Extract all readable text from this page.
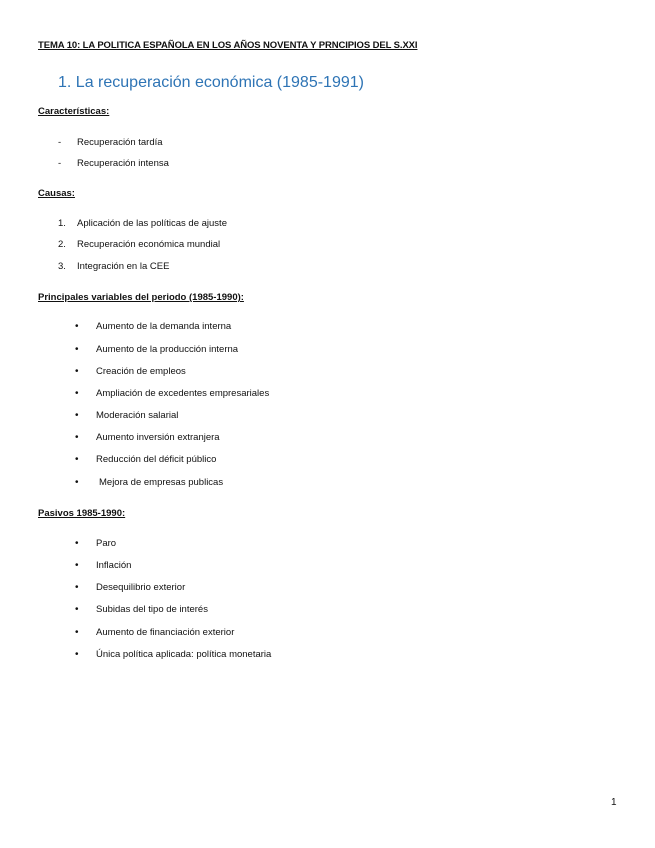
TEMA 10: LA POLITICA ESPAÑOLA EN LOS AÑOS NOVENTA Y PRNCIPIOS DEL S.XXI
1. La recuperación económica (1985-1991)
Características:
-	Recuperación tardía
-	Recuperación intensa
Causas:
1.	Aplicación de las políticas de ajuste
2.	Recuperación económica mundial
3.	Integración en la CEE
Principales variables del periodo (1985-1990):
•	Aumento de la demanda interna
•	Aumento de la producción interna
•	Creación de empleos
•	Ampliación de excedentes empresariales
•	Moderación salarial
•	Aumento inversión extranjera
•	Reducción del déficit público
•	Mejora de empresas publicas
Pasivos 1985-1990:
•	Paro
•	Inflación
•	Desequilibrio exterior
•	Subidas del tipo de interés
•	Aumento de financiación exterior
•	Única política aplicada: política monetaria
1
